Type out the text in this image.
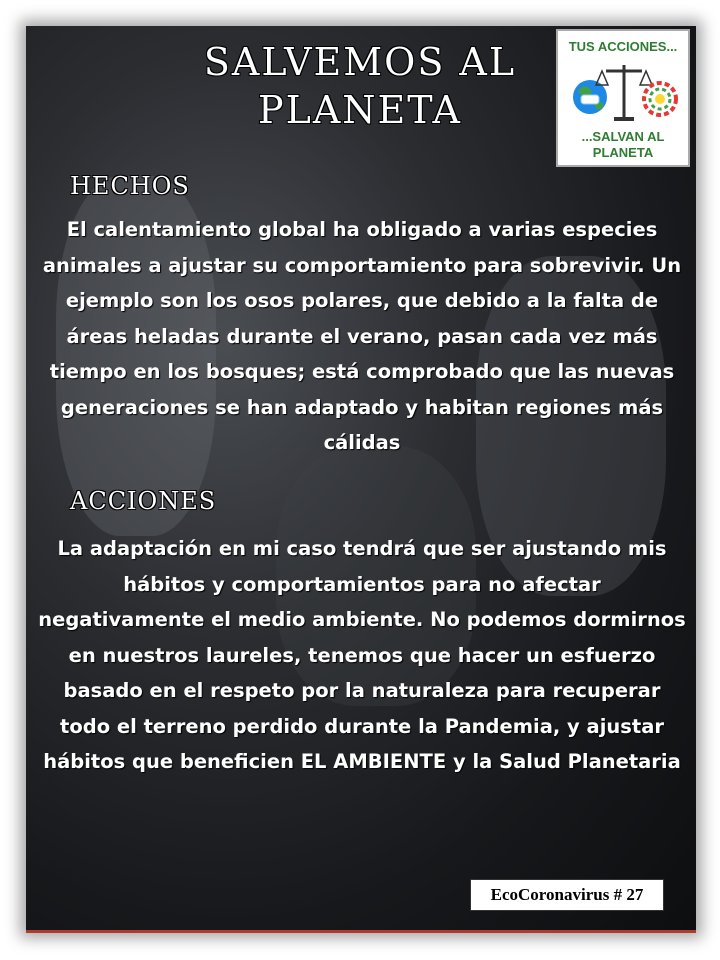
SALVEMOS AL PLANETA
TUS ACCIONES...
...SALVAN AL
PLANETA
HECHOS
El calentamiento global ha obligado a varias especies animales a ajustar su comportamiento para sobrevivir. Un ejemplo son los osos polares, que debido a la falta de áreas heladas durante el verano, pasan cada vez más tiempo en los bosques; está comprobado que las nuevas generaciones se han adaptado y habitan regiones más cálidas
ACCIONES
La adaptación en mi caso tendrá que ser ajustando mis hábitos y comportamientos para no afectar negativamente el medio ambiente. No podemos dormirnos en nuestros laureles, tenemos que hacer un esfuerzo basado en el respeto por la naturaleza para recuperar todo el terreno perdido durante la Pandemia, y ajustar hábitos que beneficien EL AMBIENTE y la Salud Planetaria
EcoCoronavirus # 27
